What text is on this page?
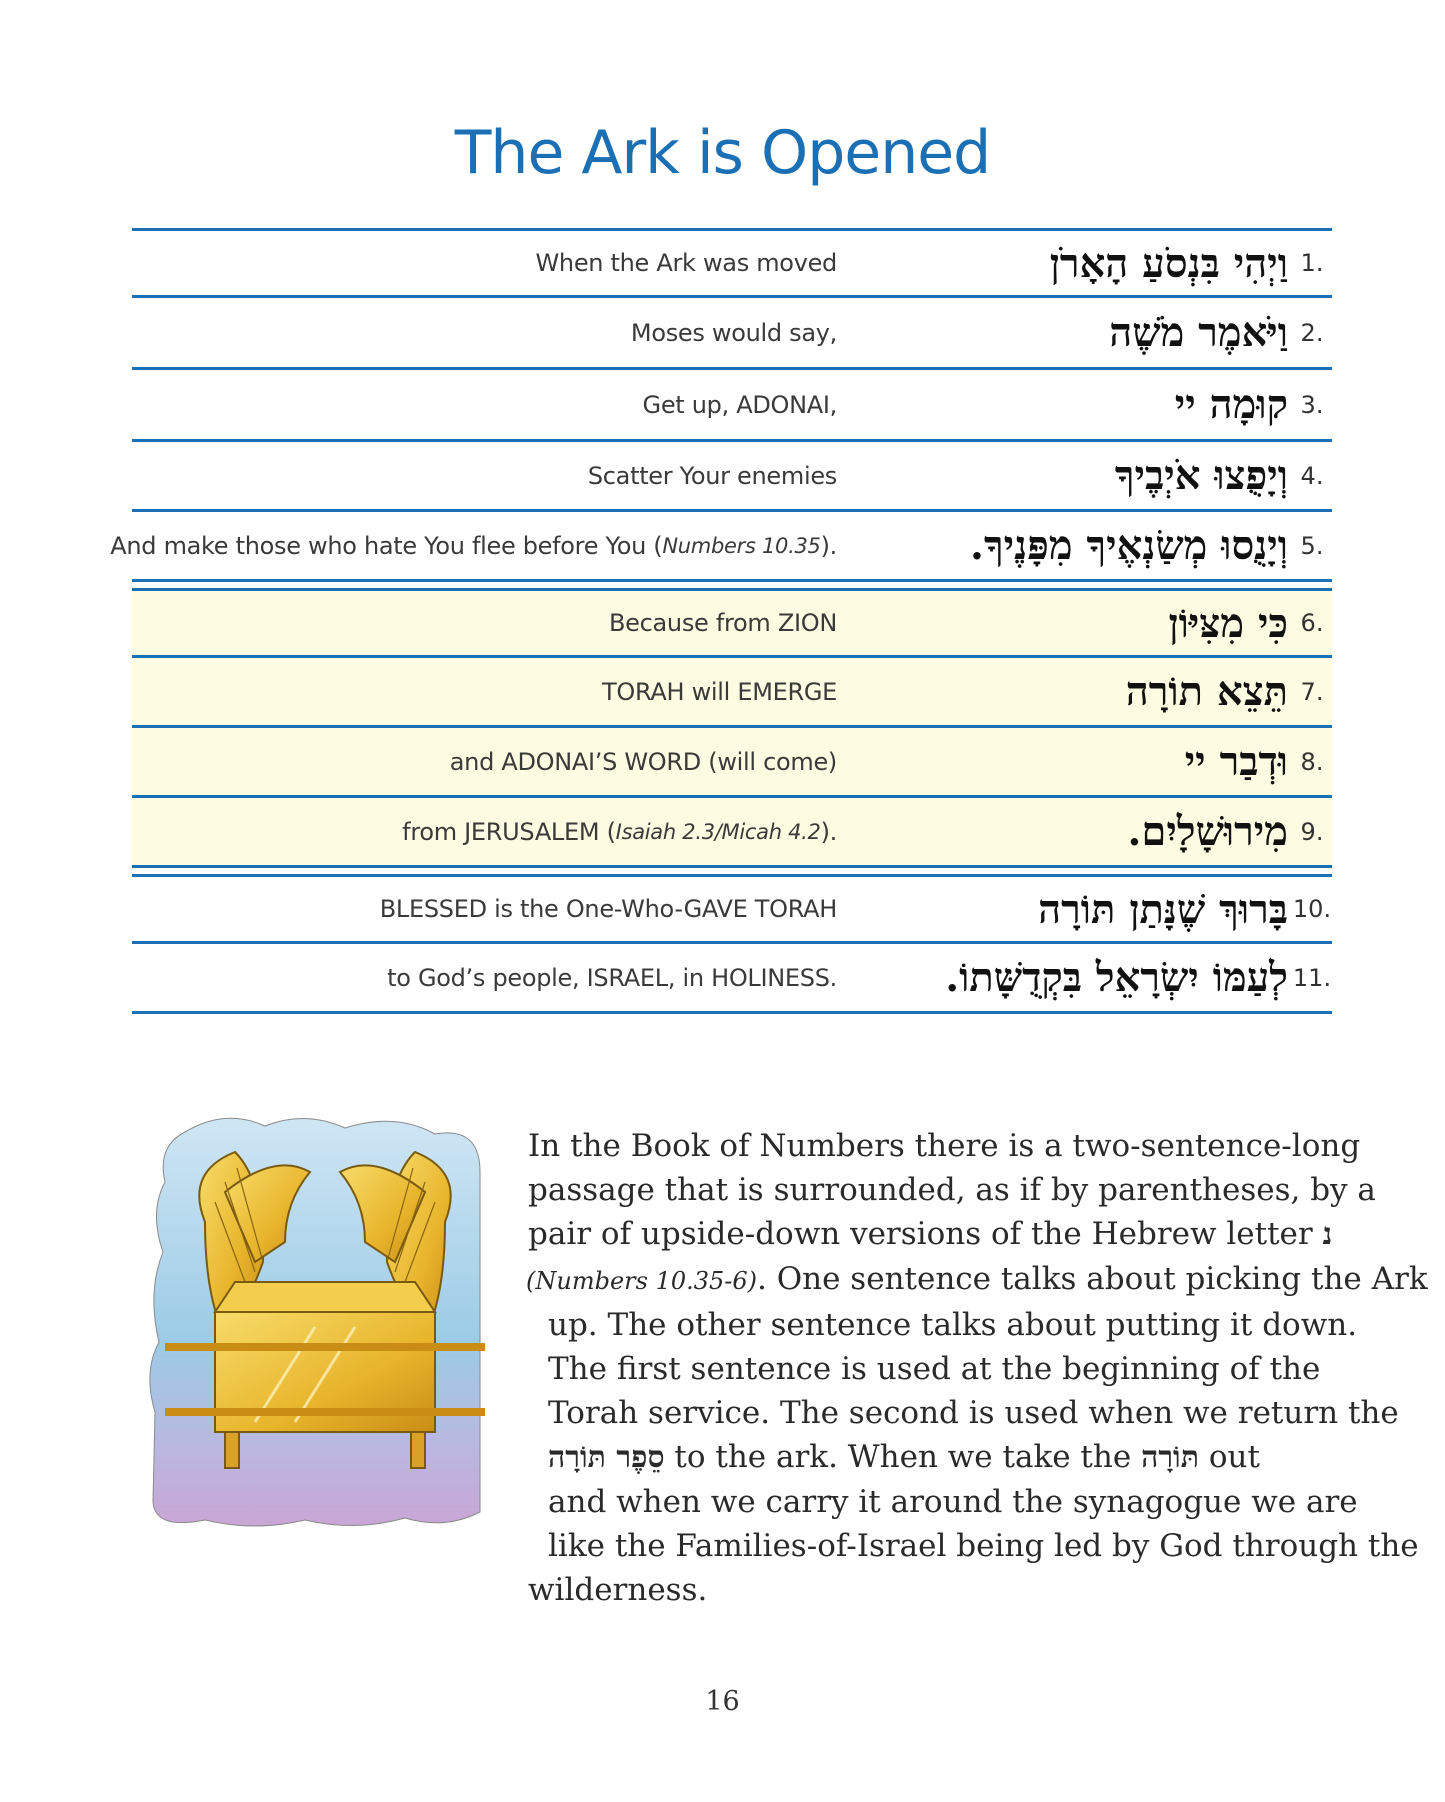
The Ark is Opened
When the Ark was moved	וַיְהִי בִּנְסֹעַ הָאָרֹן 1.
Moses would say,	וַיֹּאמֶר מֹשֶׁה 2.
Get up, ADONAI,	קוּמָה יי 3.
Scatter Your enemies	וְיָפֻצוּ אֹיְבֶיךָ 4.
And make those who hate You flee before You ( Numbers 10.35 ).	וְיָנֻסוּ מְשַׂנְאֶיךָ מִפָּנֶיךָ. 5.
Because from ZION	כִּי מִצִּיּוֹן 6.
TORAH will EMERGE	תֵּצֵא תוֹרָה 7.
and ADONAI’S WORD (will come)	וּדְבַר יי 8.
from JERUSALEM ( Isaiah 2.3/Micah 4.2 ).	מִירוּשָׁלָיִם. 9.
BLESSED is the One-Who-GAVE TORAH	בָּרוּךְ שֶׁנָּתַן תּוֹרָה 10.
to God’s people, ISRAEL, in HOLINESS.	לְעַמּוֹ יִשְׂרָאֵל בִּקְדֻשָּׁתוֹ. 11.
In the Book of Numbers there is a two-sentence-long
passage that is surrounded, as if by parentheses, by a
pair of upside-down versions of the Hebrew letter נ
(Numbers 10.35-6). One sentence talks about picking the Ark
up. The other sentence talks about putting it down.
The first sentence is used at the beginning of the
Torah service. The second is used when we return the
סֵפֶר תּוֹרָה to the ark. When we take the תּוֹרָה out
and when we carry it around the synagogue we are
like the Families-of-Israel being led by God through the
wilderness.
16
